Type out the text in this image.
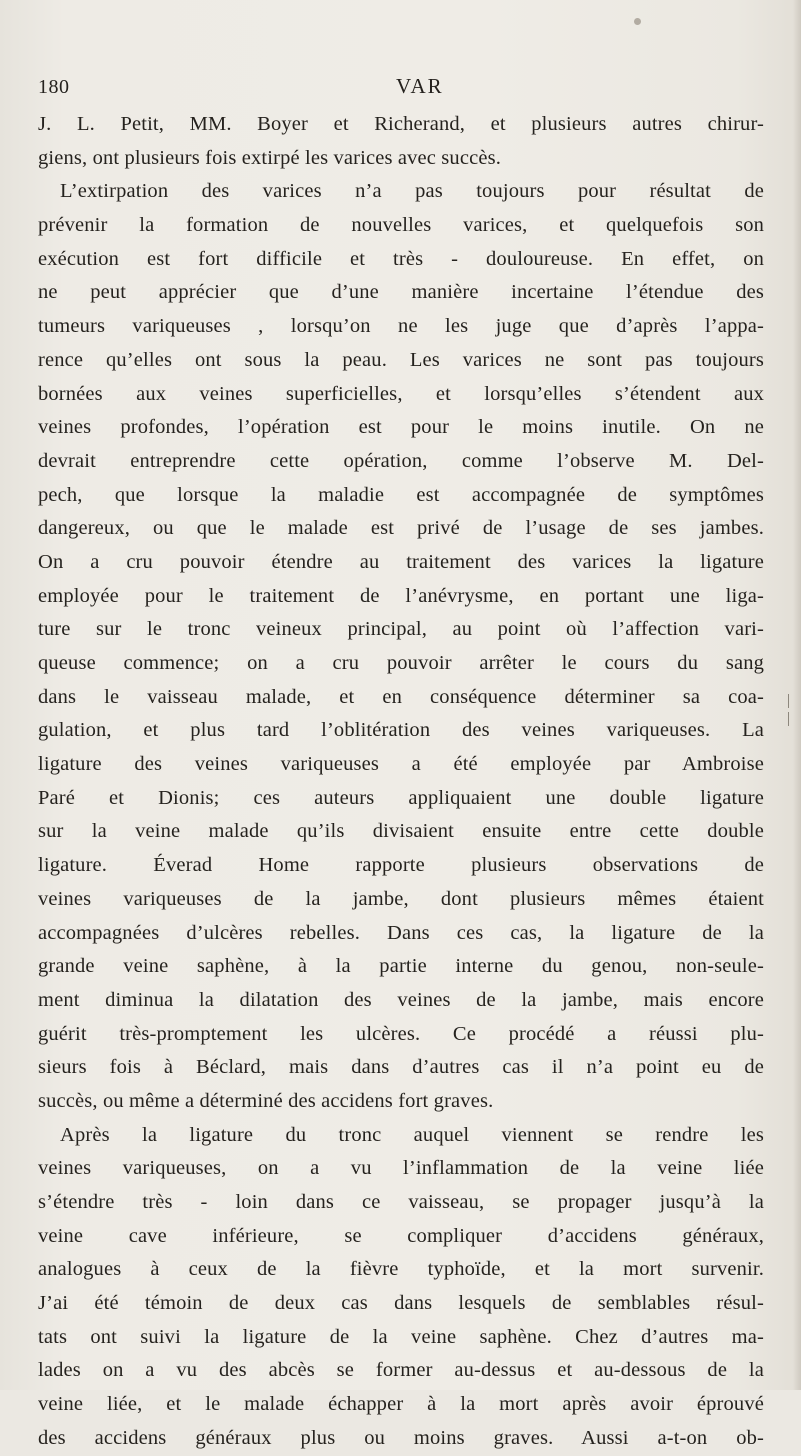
180	VAR
J. L. Petit, MM. Boyer et Richerand, et plusieurs autres chirur-
giens, ont plusieurs fois extirpé les varices avec succès.
L’extirpation des varices n’a pas toujours pour résultat de
prévenir la formation de nouvelles varices, et quelquefois son
exécution est fort difficile et très - douloureuse. En effet, on
ne peut apprécier que d’une manière incertaine l’étendue des
tumeurs variqueuses , lorsqu’on ne les juge que d’après l’appa-
rence qu’elles ont sous la peau. Les varices ne sont pas toujours
bornées aux veines superficielles, et lorsqu’elles s’étendent aux
veines profondes, l’opération est pour le moins inutile. On ne
devrait entreprendre cette opération, comme l’observe M. Del-
pech, que lorsque la maladie est accompagnée de symptômes
dangereux, ou que le malade est privé de l’usage de ses jambes.
On a cru pouvoir étendre au traitement des varices la ligature
employée pour le traitement de l’anévrysme, en portant une liga-
ture sur le tronc veineux principal, au point où l’affection vari-
queuse commence; on a cru pouvoir arrêter le cours du sang
dans le vaisseau malade, et en conséquence déterminer sa coa-
gulation, et plus tard l’oblitération des veines variqueuses. La
ligature des veines variqueuses a été employée par Ambroise
Paré et Dionis; ces auteurs appliquaient une double ligature
sur la veine malade qu’ils divisaient ensuite entre cette double
ligature. Éverad Home rapporte plusieurs observations de
veines variqueuses de la jambe, dont plusieurs mêmes étaient
accompagnées d’ulcères rebelles. Dans ces cas, la ligature de la
grande veine saphène, à la partie interne du genou, non-seule-
ment diminua la dilatation des veines de la jambe, mais encore
guérit très-promptement les ulcères. Ce procédé a réussi plu-
sieurs fois à Béclard, mais dans d’autres cas il n’a point eu de
succès, ou même a déterminé des accidens fort graves.
Après la ligature du tronc auquel viennent se rendre les
veines variqueuses, on a vu l’inflammation de la veine liée
s’étendre très - loin dans ce vaisseau, se propager jusqu’à la
veine cave inférieure, se compliquer d’accidens généraux,
analogues à ceux de la fièvre typhoïde, et la mort survenir.
J’ai été témoin de deux cas dans lesquels de semblables résul-
tats ont suivi la ligature de la veine saphène. Chez d’autres ma-
lades on a vu des abcès se former au-dessus et au-dessous de la
veine liée, et le malade échapper à la mort après avoir éprouvé
des accidens généraux plus ou moins graves. Aussi a-t-on ob-
